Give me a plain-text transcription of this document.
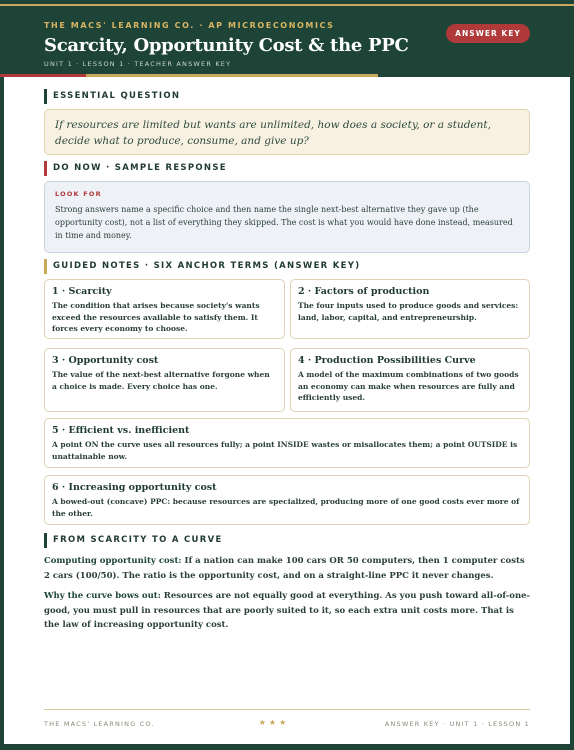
THE MACS' LEARNING CO. · AP MICROECONOMICS
Scarcity, Opportunity Cost & the PPC
UNIT 1 · LESSON 1 · TEACHER ANSWER KEY
ANSWER KEY
ESSENTIAL QUESTION
If resources are limited but wants are unlimited, how does a society, or a student, decide what to produce, consume, and give up?
DO NOW · SAMPLE RESPONSE
LOOK FOR
Strong answers name a specific choice and then name the single next-best alternative they gave up (the opportunity cost), not a list of everything they skipped. The cost is what you would have done instead, measured in time and money.
GUIDED NOTES · SIX ANCHOR TERMS (ANSWER KEY)
1 · Scarcity
The condition that arises because society's wants exceed the resources available to satisfy them. It forces every economy to choose.
2 · Factors of production
The four inputs used to produce goods and services: land, labor, capital, and entrepreneurship.
3 · Opportunity cost
The value of the next-best alternative forgone when a choice is made. Every choice has one.
4 · Production Possibilities Curve
A model of the maximum combinations of two goods an economy can make when resources are fully and efficiently used.
5 · Efficient vs. inefficient
A point ON the curve uses all resources fully; a point INSIDE wastes or misallocates them; a point OUTSIDE is unattainable now.
6 · Increasing opportunity cost
A bowed-out (concave) PPC: because resources are specialized, producing more of one good costs ever more of the other.
FROM SCARCITY TO A CURVE
Computing opportunity cost: If a nation can make 100 cars OR 50 computers, then 1 computer costs 2 cars (100/50). The ratio is the opportunity cost, and on a straight-line PPC it never changes.
Why the curve bows out: Resources are not equally good at everything. As you push toward all-of-one-good, you must pull in resources that are poorly suited to it, so each extra unit costs more. That is the law of increasing opportunity cost.
THE MACS' LEARNING CO.	★★★	ANSWER KEY · UNIT 1 · LESSON 1
